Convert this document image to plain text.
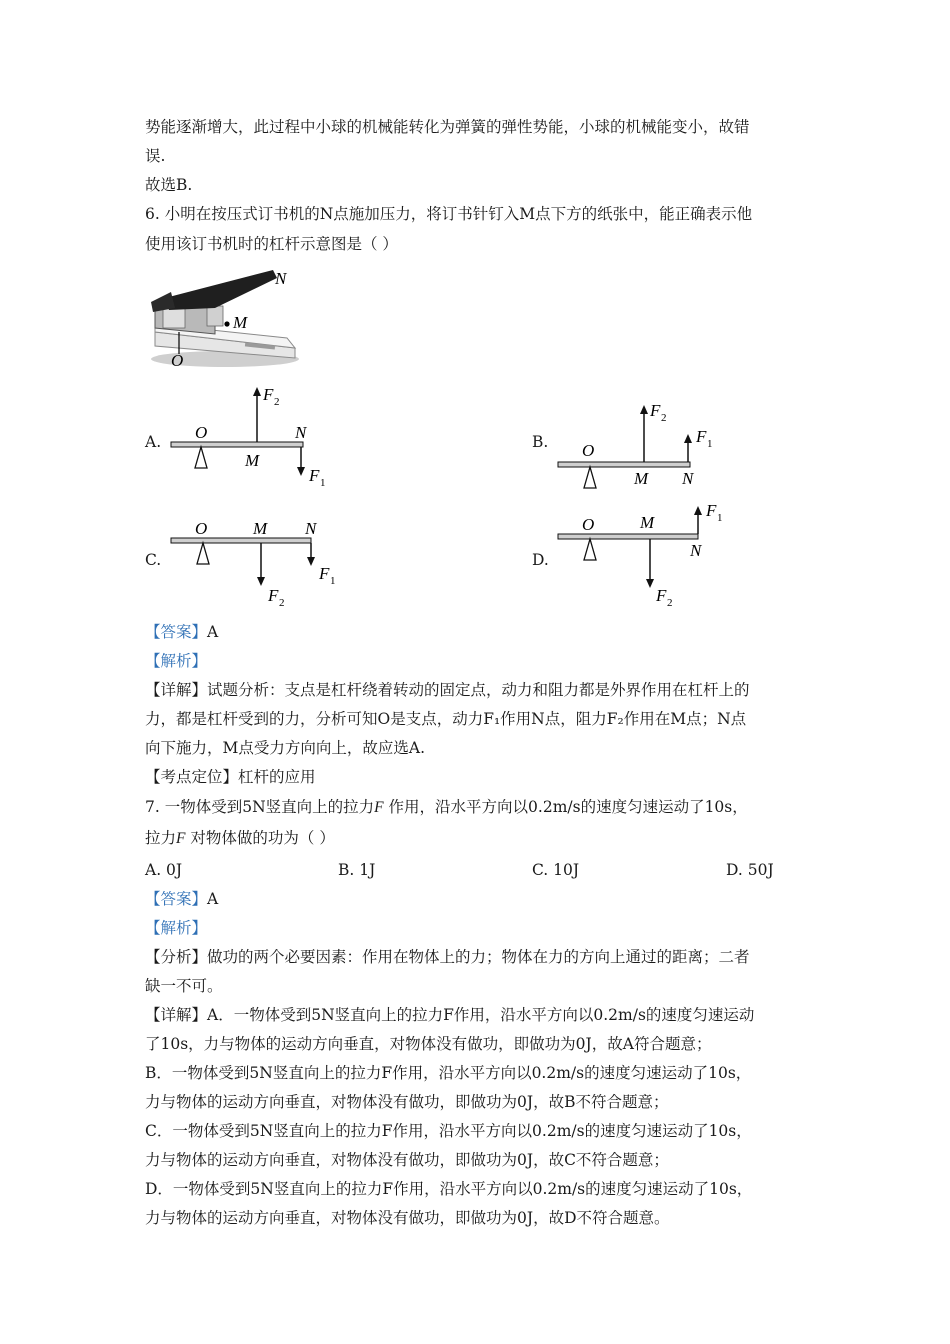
势能逐渐增大，此过程中小球的机械能转化为弹簧的弹性势能，小球的机械能变小，故错
误.
故选B.
6. 小明在按压式订书机的N点施加压力，将订书针钉入M点下方的纸张中，能正确表示他
使用该订书机时的杠杆示意图是（ ）
N
M
O
A. O
M
N
F 2
F 1
B. O
M N
F 2
F 1
C.
O	M N
F 2
F 1
D.
O	M
N
F 2
F 1
【答案】A
【解析】
【详解】试题分析：支点是杠杆绕着转动的固定点，动力和阻力都是外界作用在杠杆上的
力，都是杠杆受到的力，分析可知O是支点，动力F₁作用N点，阻力F₂作用在M点；N点
向下施力，M点受力方向向上，故应选A.
【考点定位】杠杆的应用
7. 一物体受到5N竖直向上的拉力F 作用，沿水平方向以0.2m/s的速度匀速运动了10s，
拉力F 对物体做的功为（ ）
A. 0J	B. 1J	C. 10J	D. 50J
【答案】A
【解析】
【分析】做功的两个必要因素：作用在物体上的力；物体在力的方向上通过的距离；二者
缺一不可。
【详解】A．一物体受到5N竖直向上的拉力F作用，沿水平方向以0.2m/s的速度匀速运动
了10s，力与物体的运动方向垂直，对物体没有做功，即做功为0J，故A符合题意；
B．一物体受到5N竖直向上的拉力F作用，沿水平方向以0.2m/s的速度匀速运动了10s，
力与物体的运动方向垂直，对物体没有做功，即做功为0J，故B不符合题意；
C．一物体受到5N竖直向上的拉力F作用，沿水平方向以0.2m/s的速度匀速运动了10s，
力与物体的运动方向垂直，对物体没有做功，即做功为0J，故C不符合题意；
D．一物体受到5N竖直向上的拉力F作用，沿水平方向以0.2m/s的速度匀速运动了10s，
力与物体的运动方向垂直，对物体没有做功，即做功为0J，故D不符合题意。
